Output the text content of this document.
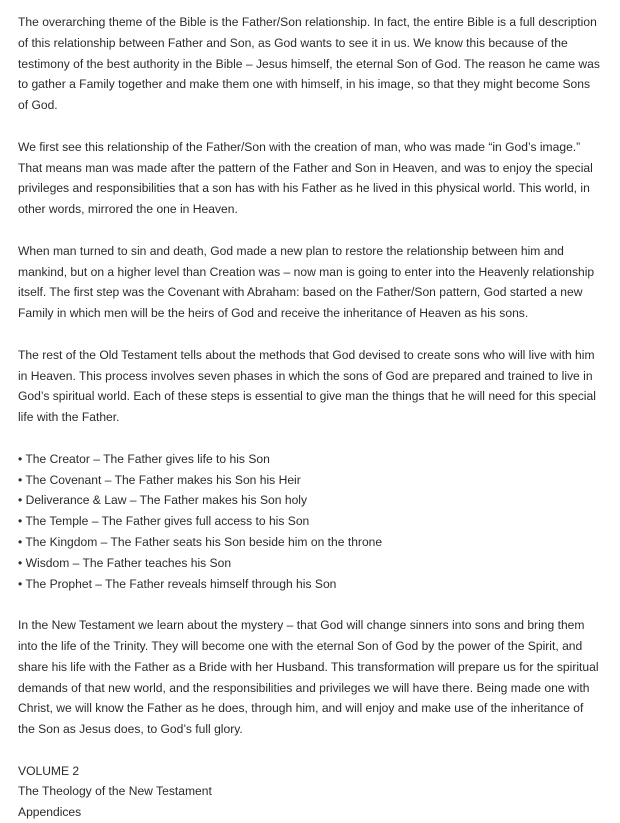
The overarching theme of the Bible is the Father/Son relationship. In fact, the entire Bible is a full description of this relationship between Father and Son, as God wants to see it in us. We know this because of the testimony of the best authority in the Bible – Jesus himself, the eternal Son of God. The reason he came was to gather a Family together and make them one with himself, in his image, so that they might become Sons of God.

We first see this relationship of the Father/Son with the creation of man, who was made “in God’s image.” That means man was made after the pattern of the Father and Son in Heaven, and was to enjoy the special privileges and responsibilities that a son has with his Father as he lived in this physical world. This world, in other words, mirrored the one in Heaven.

When man turned to sin and death, God made a new plan to restore the relationship between him and mankind, but on a higher level than Creation was – now man is going to enter into the Heavenly relationship itself. The first step was the Covenant with Abraham: based on the Father/Son pattern, God started a new Family in which men will be the heirs of God and receive the inheritance of Heaven as his sons.

The rest of the Old Testament tells about the methods that God devised to create sons who will live with him in Heaven. This process involves seven phases in which the sons of God are prepared and trained to live in God’s spiritual world. Each of these steps is essential to give man the things that he will need for this special life with the Father.

• The Creator – The Father gives life to his Son
• The Covenant – The Father makes his Son his Heir
• Deliverance & Law – The Father makes his Son holy
• The Temple – The Father gives full access to his Son
• The Kingdom – The Father seats his Son beside him on the throne
• Wisdom – The Father teaches his Son
• The Prophet – The Father reveals himself through his Son

In the New Testament we learn about the mystery – that God will change sinners into sons and bring them into the life of the Trinity. They will become one with the eternal Son of God by the power of the Spirit, and share his life with the Father as a Bride with her Husband. This transformation will prepare us for the spiritual demands of that new world, and the responsibilities and privileges we will have there. Being made one with Christ, we will know the Father as he does, through him, and will enjoy and make use of the inheritance of the Son as Jesus does, to God’s full glory.

VOLUME 2
The Theology of the New Testament
Appendices
